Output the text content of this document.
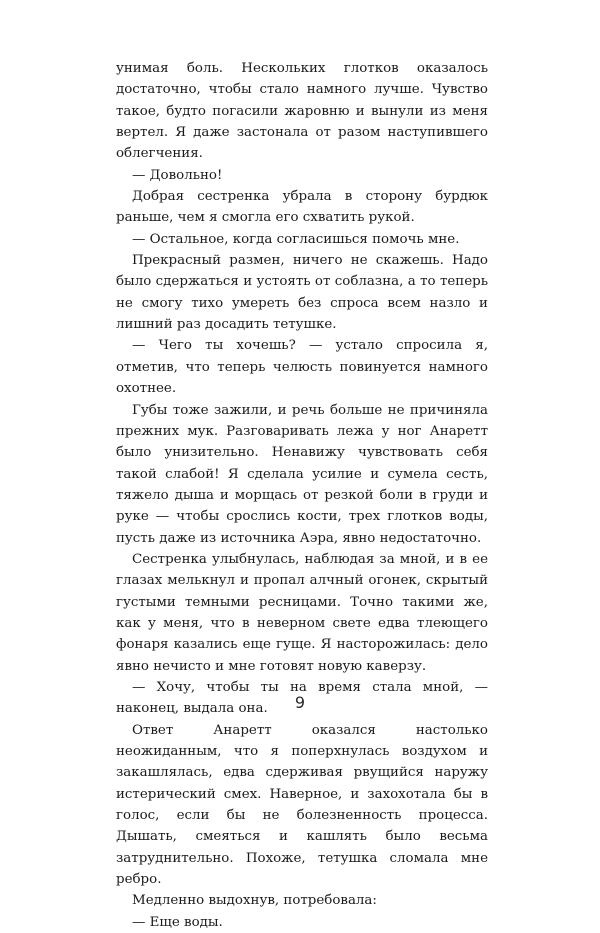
унимая боль. Нескольких глотков оказалось достаточно, чтобы стало намного лучше. Чувство такое, будто погасили жаровню и вынули из меня вертел. Я даже застонала от разом наступившего облегчения.

— Довольно!

Добрая сестренка убрала в сторону бурдюк раньше, чем я смогла его схватить рукой.

— Остальное, когда согласишься помочь мне.

Прекрасный размен, ничего не скажешь. Надо было сдержаться и устоять от соблазна, а то теперь не смогу тихо умереть без спроса всем назло и лишний раз досадить тетушке.

— Чего ты хочешь? — устало спросила я, отметив, что теперь челюсть повинуется намного охотнее.

Губы тоже зажили, и речь больше не причиняла прежних мук. Разговаривать лежа у ног Анаретт было унизительно. Ненавижу чувствовать себя такой слабой! Я сделала усилие и сумела сесть, тяжело дыша и морщась от резкой боли в груди и руке — чтобы срослись кости, трех глотков воды, пусть даже из источника Аэра, явно недостаточно.

Сестренка улыбнулась, наблюдая за мной, и в ее глазах мелькнул и пропал алчный огонек, скрытый густыми темными ресницами. Точно такими же, как у меня, что в неверном свете едва тлеющего фонаря казались еще гуще. Я насторожилась: дело явно нечисто и мне готовят новую каверзу.

— Хочу, чтобы ты на время стала мной, — наконец, выдала она.

Ответ Анаретт оказался настолько неожиданным, что я поперхнулась воздухом и закашлялась, едва сдерживая рвущийся наружу истерический смех. Наверное, и захохотала бы в голос, если бы не болезненность процесса. Дышать, смеяться и кашлять было весьма затруднительно. Похоже, тетушка сломала мне ребро.

Медленно выдохнув, потребовала:

— Еще воды.

9
